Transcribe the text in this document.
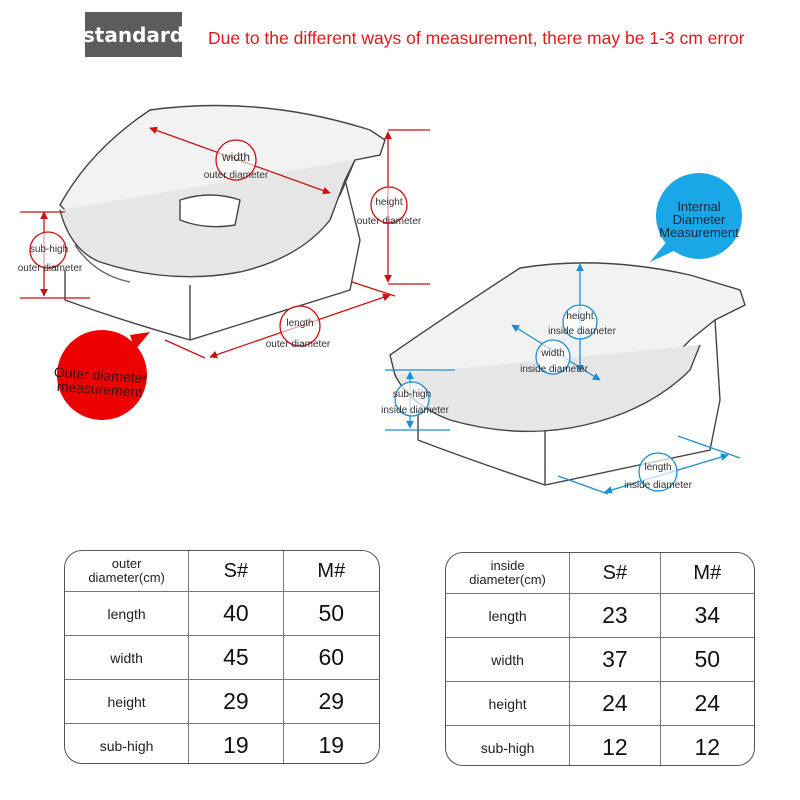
standard Due to the different ways of measurement, there may be 1-3 cm error
width
outer diameter
height
outer diameter
sub-high
outer diameter
length
outer diameter
Outer diameter
measurement
height
inside diameter
width
inside diameter
sub-high
inside diameter
length
inside diameter
Internal Diameter
Measurement
outer
diameter(cm)	S#	M#
length	40	50
width	45	60
height	29	29
sub-high	19	19
inside
diameter(cm)	S#	M#
length	23	34
width	37	50
height	24	24
sub-high	12	12
